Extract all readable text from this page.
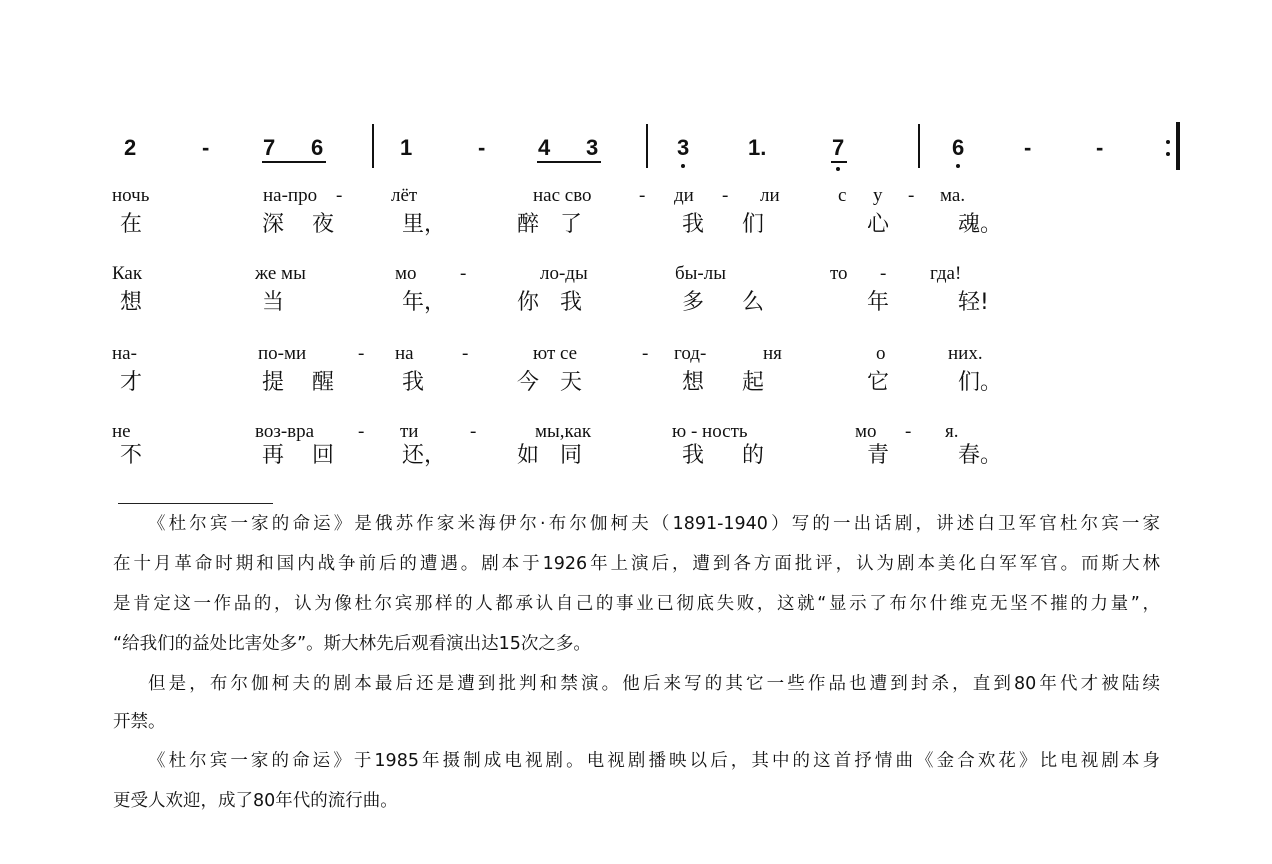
2	- 7 6	1	- 4 3	3	1.	7	6	-	-
ночь	на-про -	лёт	нас сво - ди - ли	с у - ма.
在	深 夜	里，	醉 了	我 们	心	魂。
Как	же мы	мо -	ло-ды	бы-лы	то - гда!
想	当	年，	你 我	多 么	年	轻!
на-	по-ми	- на	-	ют се	- год-	ня	о	них.
才	提 醒	我	今 天	想 起	它	们。
не	воз-вра - ти	-	мы,как	ю - ность	мо - я.
不	再 回	还，	如 同	我 的	青	春。
《杜尔宾一家的命运》是俄苏作家米海伊尔·布尔伽柯夫（1891-1940）写的一出话剧，讲述白卫军官杜尔宾一家
在十月革命时期和国内战争前后的遭遇。剧本于1926年上演后，遭到各方面批评，认为剧本美化白军军官。而斯大林
是肯定这一作品的，认为像杜尔宾那样的人都承认自己的事业已彻底失败，这就“显示了布尔什维克无坚不摧的力量”，
“给我们的益处比害处多”。斯大林先后观看演出达15次之多。
但是，布尔伽柯夫的剧本最后还是遭到批判和禁演。他后来写的其它一些作品也遭到封杀，直到80年代才被陆续
开禁。
《杜尔宾一家的命运》于1985年摄制成电视剧。电视剧播映以后，其中的这首抒情曲《金合欢花》比电视剧本身
更受人欢迎，成了80年代的流行曲。
